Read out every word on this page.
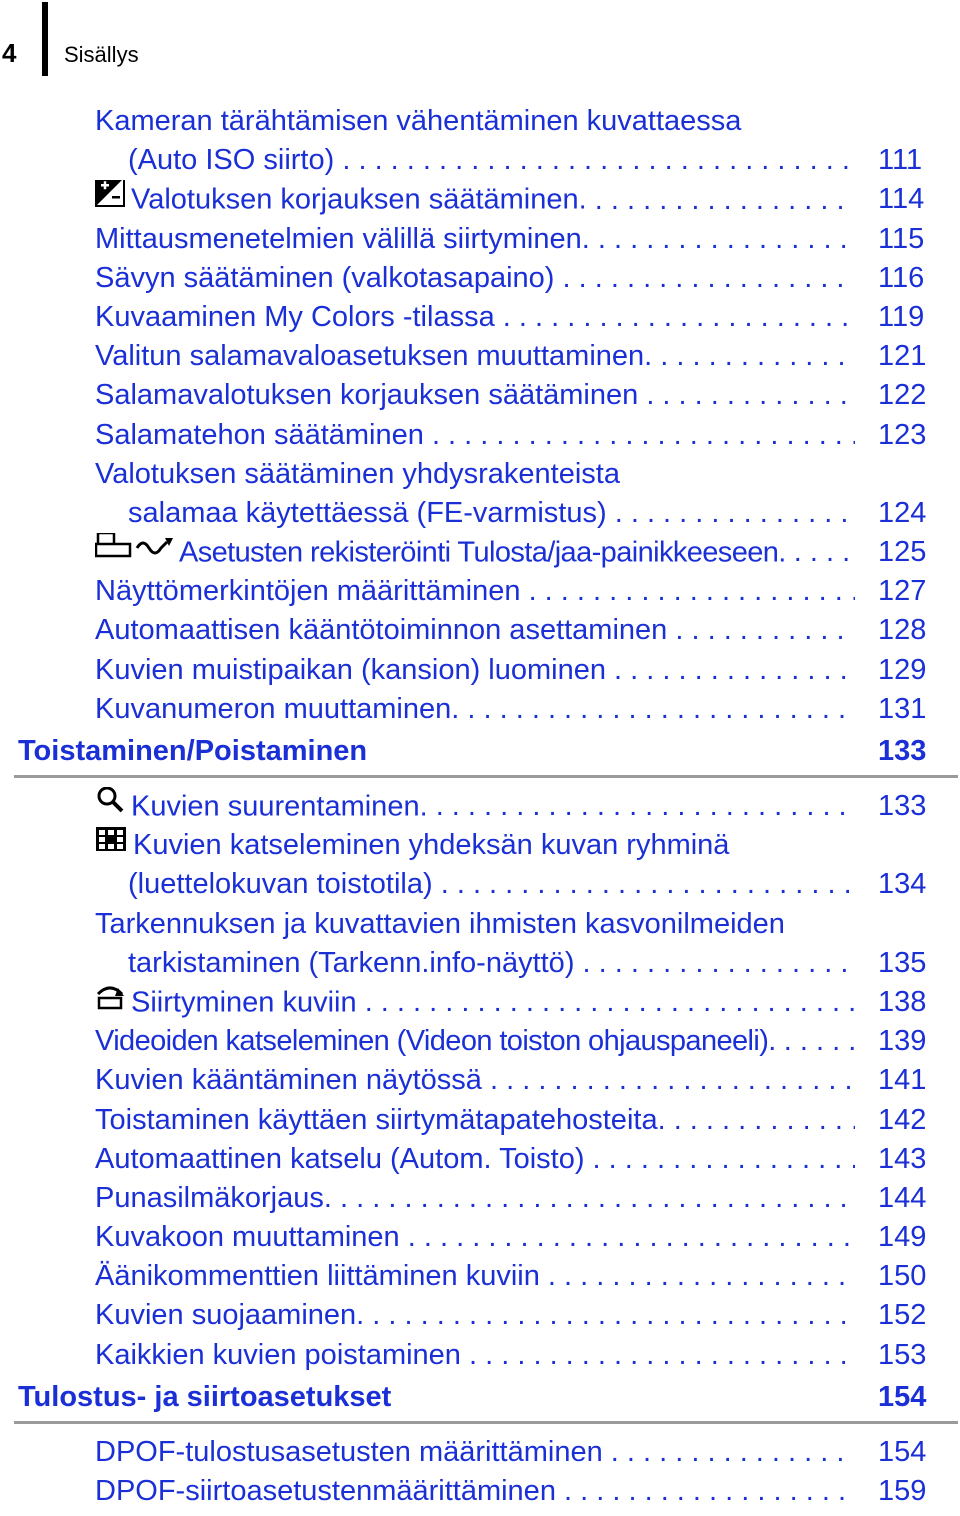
4 Sisällys
Kameran tärähtämisen vähentäminen kuvattaessa
(Auto ISO siirto) . . .	111
Valotuksen korjauksen säätäminen. . . .	114
Mittausmenetelmien välillä siirtyminen. . . .	115
Sävyn säätäminen (valkotasapaino) . . .	116
Kuvaaminen My Colors -tilassa . . .	119
Valitun salamavaloasetuksen muuttaminen. . . .	121
Salamavalotuksen korjauksen säätäminen . . .	122
Salamatehon säätäminen . . .	123
Valotuksen säätäminen yhdysrakenteista
salamaa käytettäessä (FE-varmistus) . . .	124
Asetusten rekisteröinti Tulosta/jaa-painikkeeseen. . . .	125
Näyttömerkintöjen määrittäminen . . .	127
Automaattisen kääntötoiminnon asettaminen . . .	128
Kuvien muistipaikan (kansion) luominen . . .	129
Kuvanumeron muuttaminen. . . .	131
Toistaminen/Poistaminen	133
Kuvien suurentaminen. . . .	133
Kuvien katseleminen yhdeksän kuvan ryhminä
(luettelokuvan toistotila) . . .	134
Tarkennuksen ja kuvattavien ihmisten kasvonilmeiden
tarkistaminen (Tarkenn.info-näyttö) . . .	135
Siirtyminen kuviin . . .	138
Videoiden katseleminen (Videon toiston ohjauspaneeli). . . .	139
Kuvien kääntäminen näytössä . . .	141
Toistaminen käyttäen siirtymätapatehosteita. . . .	142
Automaattinen katselu (Autom. Toisto) . . .	143
Punasilmäkorjaus. . . .	144
Kuvakoon muuttaminen . . .	149
Äänikommenttien liittäminen kuviin . . .	150
Kuvien suojaaminen. . . .	152
Kaikkien kuvien poistaminen . . .	153
Tulostus- ja siirtoasetukset	154
DPOF-tulostusasetusten määrittäminen . . .	154
DPOF-siirtoasetustenmäärittäminen . . .	159
